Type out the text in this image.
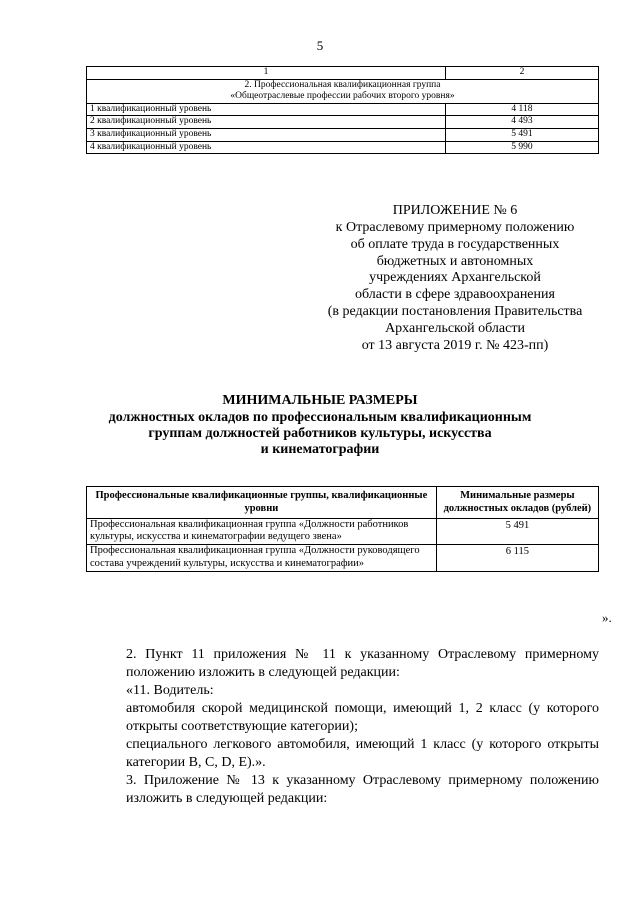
5
1	2

2. Профессиональная квалификационная группа
«Общеотраслевые профессии рабочих второго уровня»	

1 квалификационный уровень	4 118
2 квалификационный уровень	4 493
3 квалификационный уровень	5 491
4 квалификационный уровень	5 990
ПРИЛОЖЕНИЕ № 6
к Отраслевому примерному положению
об оплате труда в государственных
бюджетных и автономных
учреждениях Архангельской
области в сфере здравоохранения
(в редакции постановления Правительства
Архангельской области
от 13 августа 2019 г. № 423-пп)
МИНИМАЛЬНЫЕ РАЗМЕРЫ
должностных окладов по профессиональным квалификационным
группам должностей работников культуры, искусства
и кинематографии
Профессиональные квалификационные группы, квалификационные уровни	Минимальные размеры должностных окладов (рублей)
Профессиональная квалификационная группа «Должности работников культуры, искусства и кинематографии ведущего звена»	5 491
Профессиональная квалификационная группа «Должности руководящего состава учреждений культуры, искусства и кинематографии»	6 115
».
2. Пункт 11 приложения № 11 к указанному Отраслевому примерному положению изложить в следующей редакции:
«11. Водитель:
автомобиля скорой медицинской помощи, имеющий 1, 2 класс (у которого открыты соответствующие категории);
специального легкового автомобиля, имеющий 1 класс (у которого открыты категории B, C, D, E).».
3. Приложение № 13 к указанному Отраслевому примерному положению изложить в следующей редакции:
